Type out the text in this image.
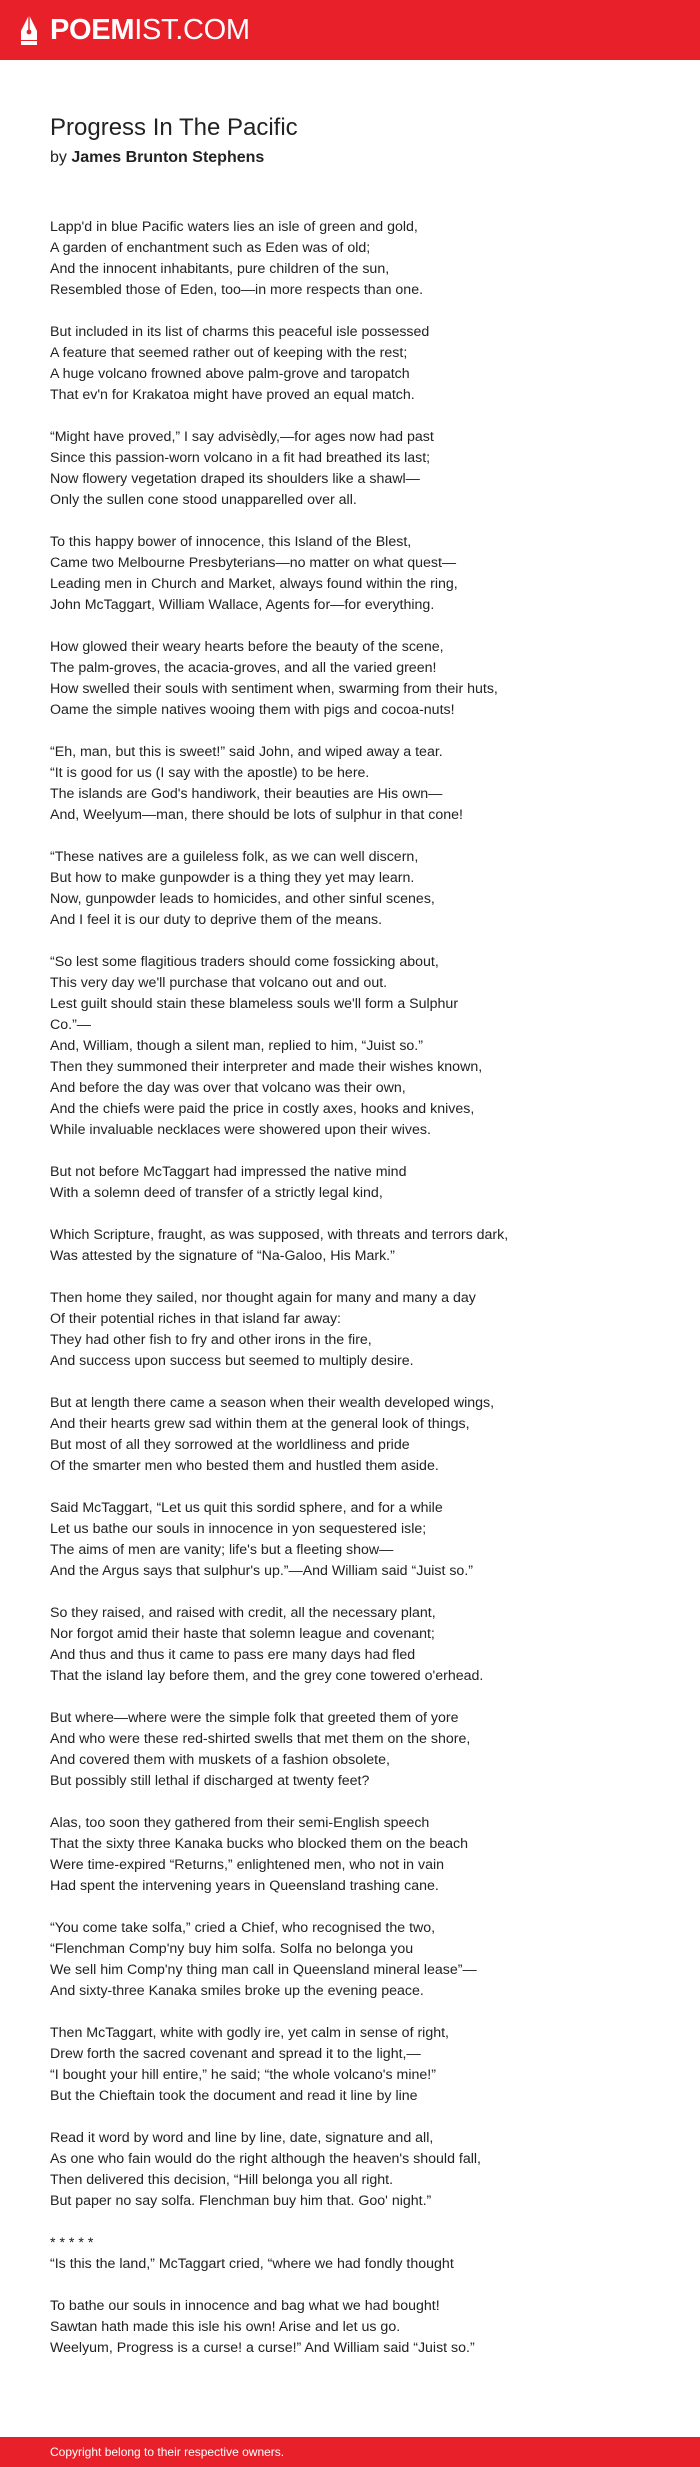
POEMIST.COM
Progress In The Pacific
by James Brunton Stephens
Lapp'd in blue Pacific waters lies an isle of green and gold,
A garden of enchantment such as Eden was of old;
And the innocent inhabitants, pure children of the sun,
Resembled those of Eden, too—in more respects than one.
But included in its list of charms this peaceful isle possessed
A feature that seemed rather out of keeping with the rest;
A huge volcano frowned above palm-grove and taropatch
That ev'n for Krakatoa might have proved an equal match.
“Might have proved,” I say advisèdly,—for ages now had past
Since this passion-worn volcano in a fit had breathed its last;
Now flowery vegetation draped its shoulders like a shawl—
Only the sullen cone stood unapparelled over all.
To this happy bower of innocence, this Island of the Blest,
Came two Melbourne Presbyterians—no matter on what quest—
Leading men in Church and Market, always found within the ring,
John McTaggart, William Wallace, Agents for—for everything.
How glowed their weary hearts before the beauty of the scene,
The palm-groves, the acacia-groves, and all the varied green!
How swelled their souls with sentiment when, swarming from their huts,
Oame the simple natives wooing them with pigs and cocoa-nuts!
“Eh, man, but this is sweet!” said John, and wiped away a tear.
“It is good for us (I say with the apostle) to be here.
The islands are God's handiwork, their beauties are His own—
And, Weelyum—man, there should be lots of sulphur in that cone!
“These natives are a guileless folk, as we can well discern,
But how to make gunpowder is a thing they yet may learn.
Now, gunpowder leads to homicides, and other sinful scenes,
And I feel it is our duty to deprive them of the means.
“So lest some flagitious traders should come fossicking about,
This very day we'll purchase that volcano out and out.
Lest guilt should stain these blameless souls we'll form a Sulphur
Co.”—
And, William, though a silent man, replied to him, “Juist so.”
Then they summoned their interpreter and made their wishes known,
And before the day was over that volcano was their own,
And the chiefs were paid the price in costly axes, hooks and knives,
While invaluable necklaces were showered upon their wives.
But not before McTaggart had impressed the native mind
With a solemn deed of transfer of a strictly legal kind,
Which Scripture, fraught, as was supposed, with threats and terrors dark,
Was attested by the signature of “Na-Galoo, His Mark.”
Then home they sailed, nor thought again for many and many a day
Of their potential riches in that island far away:
They had other fish to fry and other irons in the fire,
And success upon success but seemed to multiply desire.
But at length there came a season when their wealth developed wings,
And their hearts grew sad within them at the general look of things,
But most of all they sorrowed at the worldliness and pride
Of the smarter men who bested them and hustled them aside.
Said McTaggart, “Let us quit this sordid sphere, and for a while
Let us bathe our souls in innocence in yon sequestered isle;
The aims of men are vanity; life's but a fleeting show—
And the Argus says that sulphur's up.”—And William said “Juist so.”
So they raised, and raised with credit, all the necessary plant,
Nor forgot amid their haste that solemn league and covenant;
And thus and thus it came to pass ere many days had fled
That the island lay before them, and the grey cone towered o'erhead.
But where—where were the simple folk that greeted them of yore
And who were these red-shirted swells that met them on the shore,
And covered them with muskets of a fashion obsolete,
But possibly still lethal if discharged at twenty feet?
Alas, too soon they gathered from their semi-English speech
That the sixty three Kanaka bucks who blocked them on the beach
Were time-expired “Returns,” enlightened men, who not in vain
Had spent the intervening years in Queensland trashing cane.
“You come take solfa,” cried a Chief, who recognised the two,
“Flenchman Comp'ny buy him solfa. Solfa no belonga you
We sell him Comp'ny thing man call in Queensland mineral lease”—
And sixty-three Kanaka smiles broke up the evening peace.
Then McTaggart, white with godly ire, yet calm in sense of right,
Drew forth the sacred covenant and spread it to the light,—
“I bought your hill entire,” he said; “the whole volcano's mine!”
But the Chieftain took the document and read it line by line
Read it word by word and line by line, date, signature and all,
As one who fain would do the right although the heaven's should fall,
Then delivered this decision, “Hill belonga you all right.
But paper no say solfa. Flenchman buy him that. Goo' night.”
* * * * *
“Is this the land,” McTaggart cried, “where we had fondly thought
To bathe our souls in innocence and bag what we had bought!
Sawtan hath made this isle his own! Arise and let us go.
Weelyum, Progress is a curse! a curse!” And William said “Juist so.”
Copyright belong to their respective owners.
